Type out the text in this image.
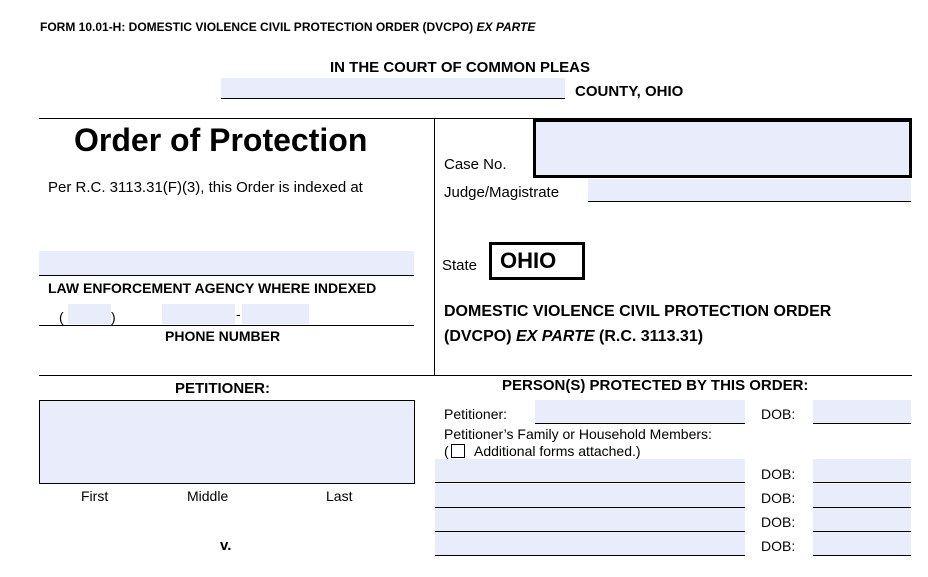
FORM 10.01-H: DOMESTIC VIOLENCE CIVIL PROTECTION ORDER (DVCPO) EX PARTE
IN THE COURT OF COMMON PLEAS
COUNTY, OHIO
Order of Protection
Per R.C. 3113.31(F)(3), this Order is indexed at
LAW ENFORCEMENT AGENCY WHERE INDEXED
(	)	-
PHONE NUMBER
Case No.
Judge/Magistrate
State	OHIO
DOMESTIC VIOLENCE CIVIL PROTECTION ORDER
(DVCPO) EX PARTE (R.C. 3113.31)
PETITIONER:
First	Middle	Last
v.
PERSON(S) PROTECTED BY THIS ORDER:
Petitioner:	DOB:
Petitioner’s Family or Household Members:
( Additional forms attached.)
DOB:
DOB:
DOB:
DOB:
